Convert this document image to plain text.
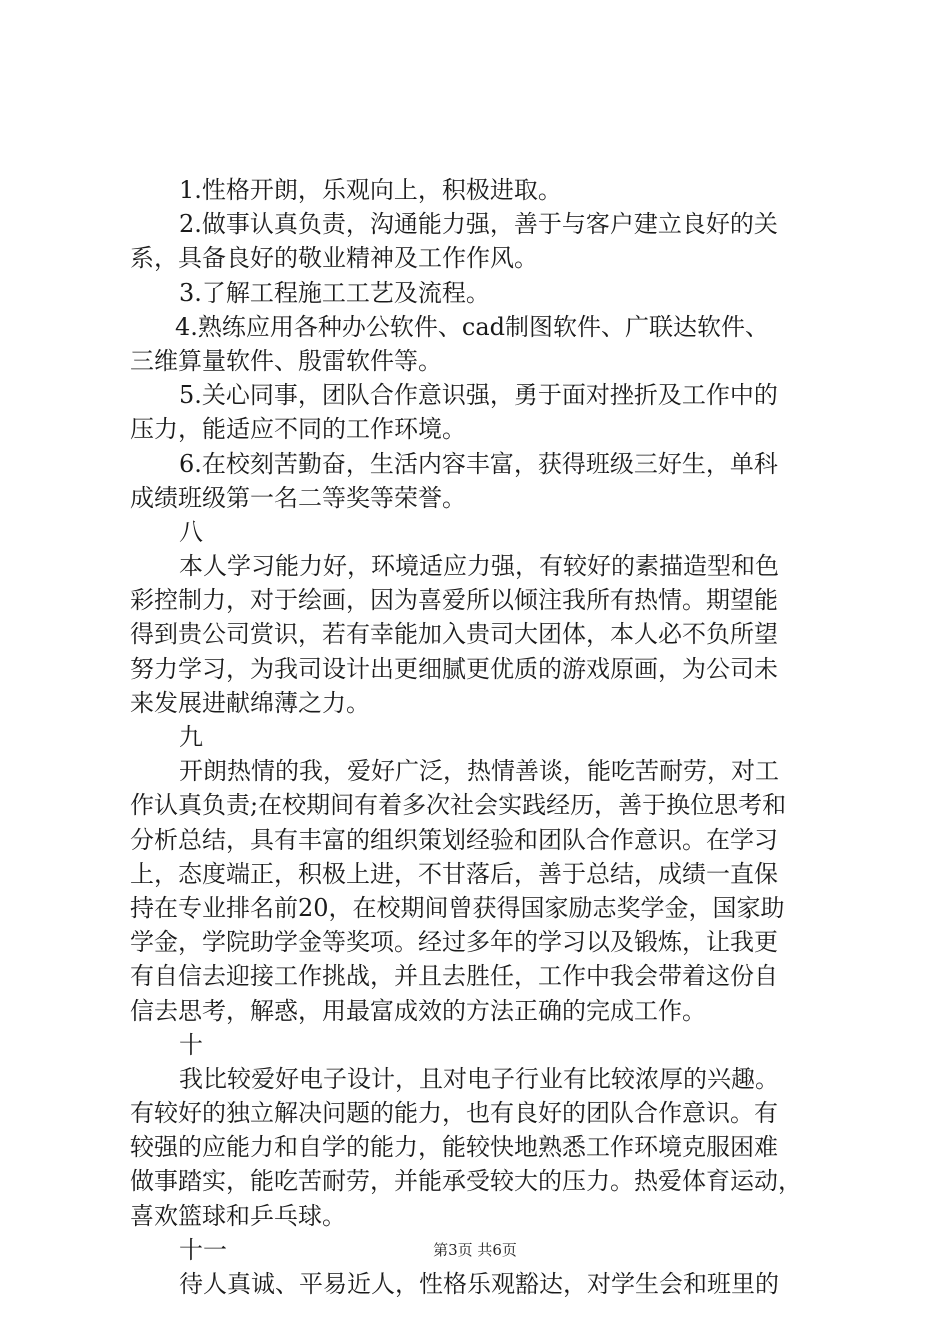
1.性格开朗，乐观向上，积极进取。
2.做事认真负责，沟通能力强，善于与客户建立良好的关
系，具备良好的敬业精神及工作作风。
3.了解工程施工工艺及流程。
4.熟练应用各种办公软件、cad制图软件、广联达软件、
三维算量软件、殷雷软件等。
5.关心同事，团队合作意识强，勇于面对挫折及工作中的
压力，能适应不同的工作环境。
6.在校刻苦勤奋，生活内容丰富，获得班级三好生，单科
成绩班级第一名二等奖等荣誉。
八
本人学习能力好，环境适应力强，有较好的素描造型和色
彩控制力，对于绘画，因为喜爱所以倾注我所有热情。期望能
得到贵公司赏识，若有幸能加入贵司大团体，本人必不负所望
努力学习，为我司设计出更细腻更优质的游戏原画，为公司未
来发展进献绵薄之力。
九
开朗热情的我，爱好广泛，热情善谈，能吃苦耐劳，对工
作认真负责;在校期间有着多次社会实践经历，善于换位思考和
分析总结，具有丰富的组织策划经验和团队合作意识。在学习
上，态度端正，积极上进，不甘落后，善于总结，成绩一直保
持在专业排名前20，在校期间曾获得国家励志奖学金，国家助
学金，学院助学金等奖项。经过多年的学习以及锻炼，让我更
有自信去迎接工作挑战，并且去胜任，工作中我会带着这份自
信去思考，解惑，用最富成效的方法正确的完成工作。
十
我比较爱好电子设计，且对电子行业有比较浓厚的兴趣。
有较好的独立解决问题的能力，也有良好的团队合作意识。有
较强的应能力和自学的能力，能较快地熟悉工作环境克服困难
做事踏实，能吃苦耐劳，并能承受较大的压力。热爱体育运动，
喜欢篮球和乒乓球。
十一
待人真诚、平易近人，性格乐观豁达，对学生会和班里的
第3页 共6页
